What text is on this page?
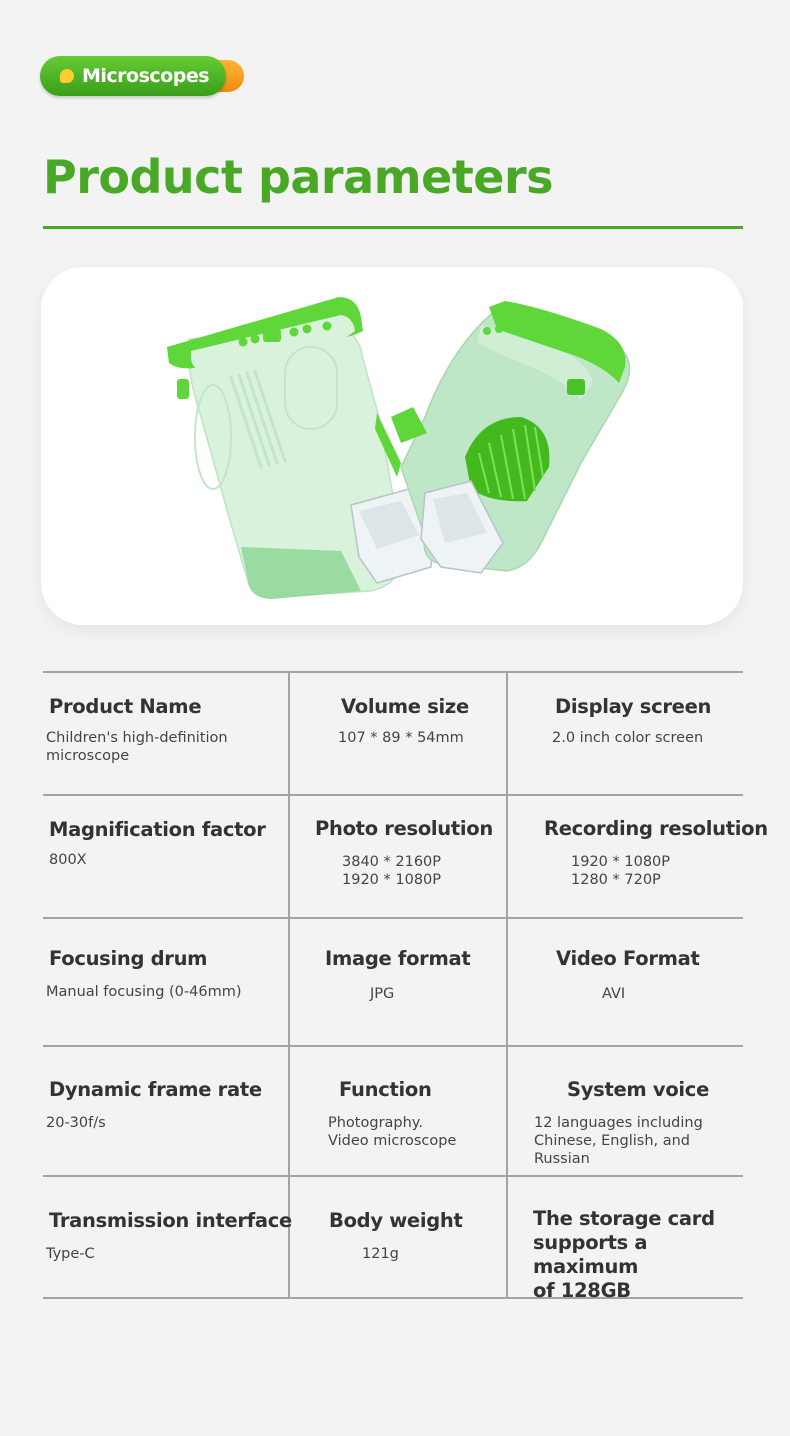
Microscopes
Product parameters
Product Name
Children's high-definition
microscope
Volume size
107 * 89 * 54mm
Display screen
2.0 inch color screen
Magnification factor
800X
Photo resolution
3840 * 2160P
1920 * 1080P
Recording resolution
1920 * 1080P
1280 * 720P
Focusing drum
Manual focusing (0-46mm)
Image format
JPG
Video Format
AVI
Dynamic frame rate
20-30f/s
Function
Photography.
Video microscope
System voice
12 languages including
Chinese, English, and Russian
Transmission interface
Type-C
Body weight
121g
The storage card
supports a maximum
of 128GB
